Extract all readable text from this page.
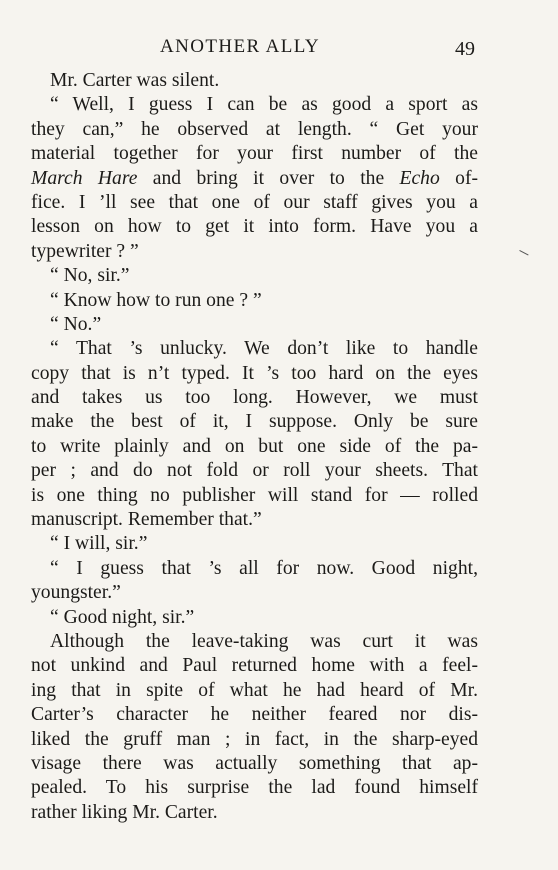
ANOTHER ALLY	49
Mr. Carter was silent.
“ Well, I guess I can be as good a sport as
they can,” he observed at length. “ Get your
material together for your first number of the
March Hare and bring it over to the Echo of-
fice. I ’ll see that one of our staff gives you a
lesson on how to get it into form. Have you a
typewriter ? ”
“ No, sir.”
“ Know how to run one ? ”
“ No.”
“ That ’s unlucky. We don’t like to handle
copy that is n’t typed. It ’s too hard on the eyes
and takes us too long. However, we must
make the best of it, I suppose. Only be sure
to write plainly and on but one side of the pa-
per ; and do not fold or roll your sheets. That
is one thing no publisher will stand for — rolled
manuscript. Remember that.”
“ I will, sir.”
“ I guess that ’s all for now. Good night,
youngster.”
“ Good night, sir.”
Although the leave-taking was curt it was
not unkind and Paul returned home with a feel-
ing that in spite of what he had heard of Mr.
Carter’s character he neither feared nor dis-
liked the gruff man ; in fact, in the sharp-eyed
visage there was actually something that ap-
pealed. To his surprise the lad found himself
rather liking Mr. Carter.
